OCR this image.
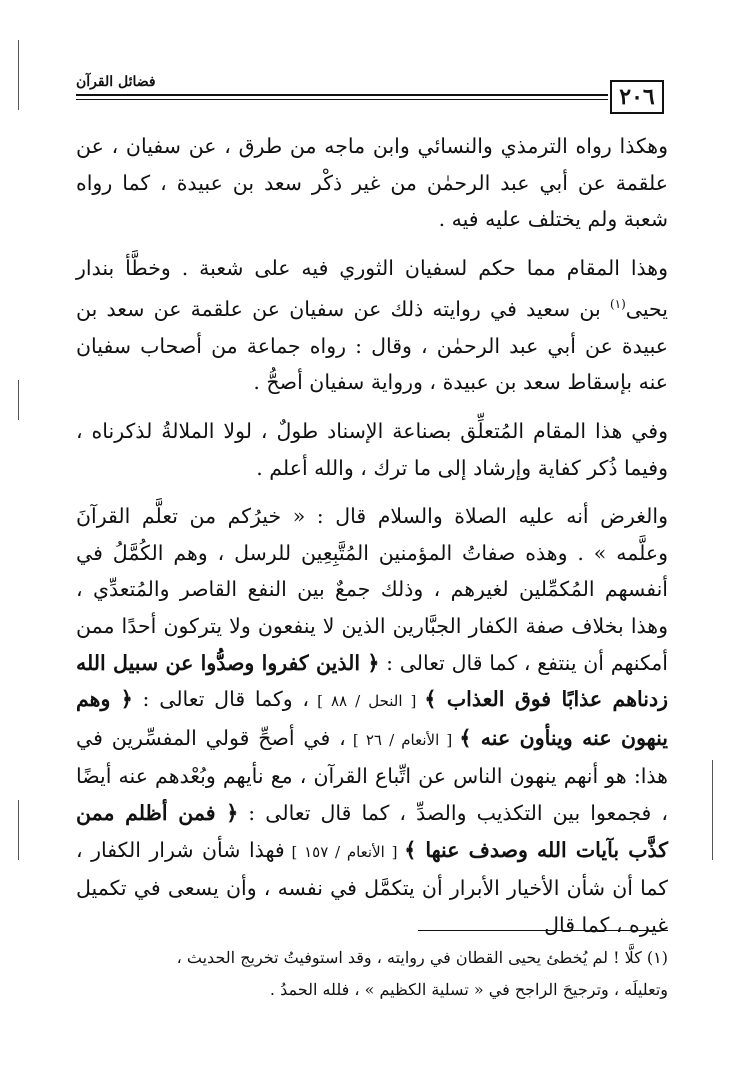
فضائل القرآن
٢٠٦

وهكذا رواه الترمذي والنسائي وابن ماجه من طرق ، عن سفيان ، عن علقمة عن أبي عبد الرحمٰن من غير ذكْر سعد بن عبيدة ، كما رواه شعبة ولم يختلف عليه فيه .

وهذا المقام مما حكم لسفيان الثوري فيه على شعبة . وخطَّأ بندار يحيى$^{(١)}$ بن سعيد في روايته ذلك عن سفيان عن علقمة عن سعد بن عبيدة عن أبي عبد الرحمٰن ، وقال : رواه جماعة من أصحاب سفيان عنه بإسقاط سعد بن عبيدة ، ورواية سفيان أصحُّ .

وفي هذا المقام المُتعلِّق بصناعة الإسناد طولٌ ، لولا الملالةُ لذكرناه ، وفيما ذُكر كفاية وإرشاد إلى ما ترك ، والله أعلم .

والغرض أنه عليه الصلاة والسلام قال : « خيرُكم من تعلَّم القرآنَ وعلَّمه » . وهذه صفاتُ المؤمنين المُتَّبِعِين للرسل ، وهم الكُمَّلُ في أنفسهم المُكمِّلين لغيرهم ، وذلك جمعٌ بين النفع القاصر والمُتعدِّي ، وهذا بخلاف صفة الكفار الجبَّارين الذين لا ينفعون ولا يتركون أحدًا ممن أمكنهم أن ينتفع ، كما قال تعالى : ﴿ الذين كفروا وصدُّوا عن سبيل الله زدناهم عذابًا فوق العذاب ﴾ [ النحل / ٨٨ ] ، وكما قال تعالى : ﴿ وهم ينهون عنه وينأون عنه ﴾ [ الأنعام / ٢٦ ] ، في أصحِّ قولي المفسِّرين في هذا: هو أنهم ينهون الناس عن اتِّباع القرآن ، مع نأيهم وبُعْدهم عنه أيضًا ، فجمعوا بين التكذيب والصدِّ ، كما قال تعالى : ﴿ فمن أظلم ممن كذَّب بآيات الله وصدف عنها ﴾ [ الأنعام / ١٥٧ ] فهذا شأن شرار الكفار ، كما أن شأن الأخيار الأبرار أن يتكمَّل في نفسه ، وأن يسعى في تكميل غيره ، كما قال

(١) كلَّا ! لم يُخطئ يحيى القطان في روايته ، وقد استوفيتُ تخريج الحديث ، وتعليلَه ، وترجيحَ الراجح في « تسلية الكظيم » ، فلله الحمدُ .
